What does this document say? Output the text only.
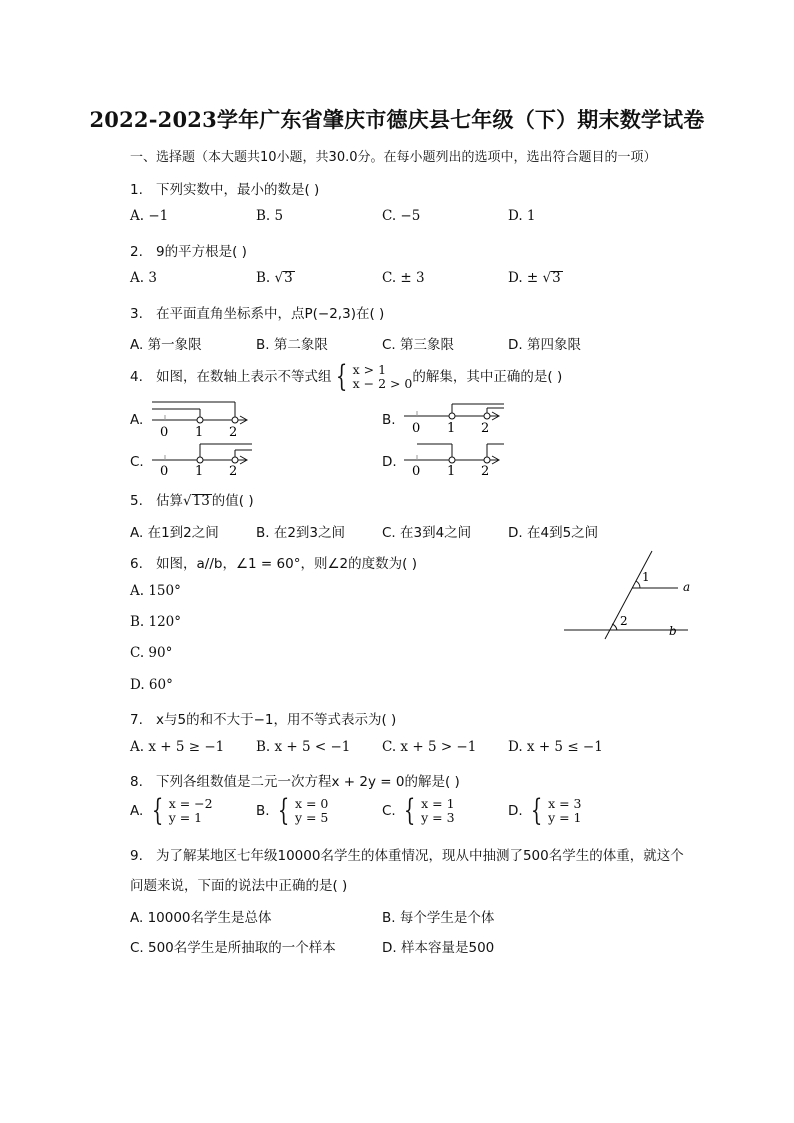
2022-2023学年广东省肇庆市德庆县七年级（下）期末数学试卷
一、选择题（本大题共10小题，共30.0分。在每小题列出的选项中，选出符合题目的一项）
1. 下列实数中，最小的数是( )
A. −1	B. 5	C. −5	D. 1
2. 9的平方根是( )
A. 3	B. √3	C. ± 3	D. ± √3
3. 在平面直角坐标系中，点P(−2,3)在( )
A. 第一象限	B. 第二象限	C. 第三象限	D. 第四象限
4. 如图，在数轴上表示不等式组 { x > 1
x − 2 > 0 的解集，其中正确的是( )
A.
0 1 2
B.
0 1 2
C.
0 1 2
D.
0 1 2
5. 估算√13 的值( )
A. 在1到2之间	B. 在2到3之间	C. 在3到4之间	D. 在4到5之间
6. 如图，a//b，∠1 = 60°，则∠2的度数为( )
A. 150°
B. 120°
C. 90°
D. 60°
1
2
a
b
7. x与5的和不大于−1，用不等式表示为( )
A. x + 5 ≥ −1 B. x + 5 < −1 C. x + 5 > −1 D. x + 5 ≤ −1
8. 下列各组数值是二元一次方程x + 2y = 0的解是( )
A. { x = −2
y = 1	B. { x = 0
y = 5	C. { x = 1
y = 3	D. { x = 3
y = 1
9. 为了解某地区七年级10000名学生的体重情况，现从中抽测了500名学生的体重，就这个
问题来说，下面的说法中正确的是( )
A. 10000名学生是总体	B. 每个学生是个体
C. 500名学生是所抽取的一个样本	D. 样本容量是500
